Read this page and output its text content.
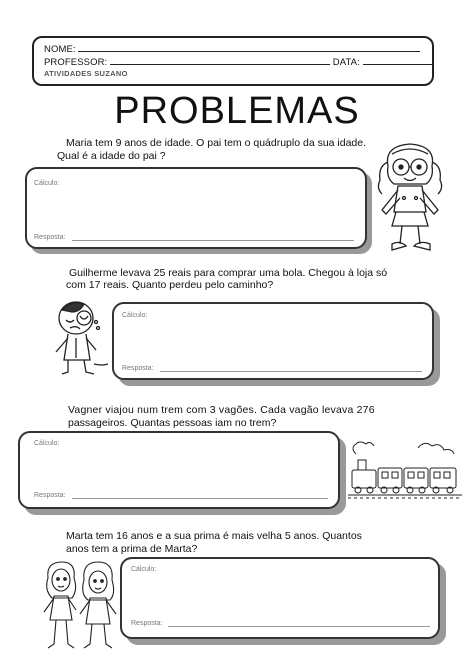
NOME:
PROFESSOR:	DATA:
ATIVIDADES SUZANO
PROBLEMAS
Maria tem 9 anos de idade. O pai tem o quádruplo da sua idade.
Qual é a idade do pai ?
Cálculo:
Resposta:
Guilherme levava 25 reais para comprar uma bola. Chegou à loja só
com 17 reais. Quanto perdeu pelo caminho?
Cálculo:
Resposta:
Vagner viajou num trem com 3 vagões. Cada vagão levava 276
passageiros. Quantas pessoas iam no trem?
Cálculo:
Resposta:
Marta tem 16 anos e a sua prima é mais velha 5 anos. Quantos
anos tem a prima de Marta?
Cálculo:
Resposta:
